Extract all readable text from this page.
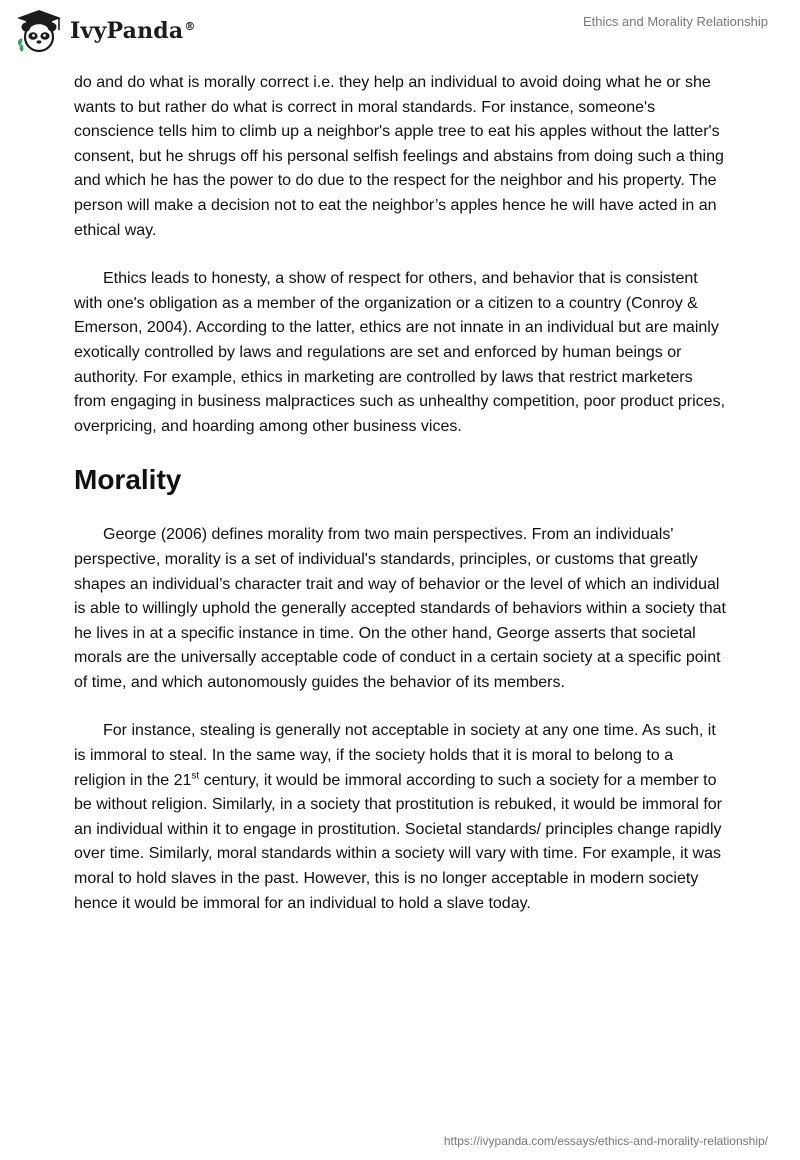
IvyPanda®	Ethics and Morality Relationship

do and do what is morally correct i.e. they help an individual to avoid doing what he or she wants to but rather do what is correct in moral standards. For instance, someone's conscience tells him to climb up a neighbor's apple tree to eat his apples without the latter's consent, but he shrugs off his personal selfish feelings and abstains from doing such a thing and which he has the power to do due to the respect for the neighbor and his property. The person will make a decision not to eat the neighbor’s apples hence he will have acted in an ethical way.

Ethics leads to honesty, a show of respect for others, and behavior that is consistent with one's obligation as a member of the organization or a citizen to a country (Conroy & Emerson, 2004). According to the latter, ethics are not innate in an individual but are mainly exotically controlled by laws and regulations are set and enforced by human beings or authority. For example, ethics in marketing are controlled by laws that restrict marketers from engaging in business malpractices such as unhealthy competition, poor product prices, overpricing, and hoarding among other business vices.

Morality

George (2006) defines morality from two main perspectives. From an individuals' perspective, morality is a set of individual's standards, principles, or customs that greatly shapes an individual’s character trait and way of behavior or the level of which an individual is able to willingly uphold the generally accepted standards of behaviors within a society that he lives in at a specific instance in time. On the other hand, George asserts that societal morals are the universally acceptable code of conduct in a certain society at a specific point of time, and which autonomously guides the behavior of its members.

For instance, stealing is generally not acceptable in society at any one time. As such, it is immoral to steal. In the same way, if the society holds that it is moral to belong to a religion in the 21st century, it would be immoral according to such a society for a member to be without religion. Similarly, in a society that prostitution is rebuked, it would be immoral for an individual within it to engage in prostitution. Societal standards/ principles change rapidly over time. Similarly, moral standards within a society will vary with time. For example, it was moral to hold slaves in the past. However, this is no longer acceptable in modern society hence it would be immoral for an individual to hold a slave today.

https://ivypanda.com/essays/ethics-and-morality-relationship/
